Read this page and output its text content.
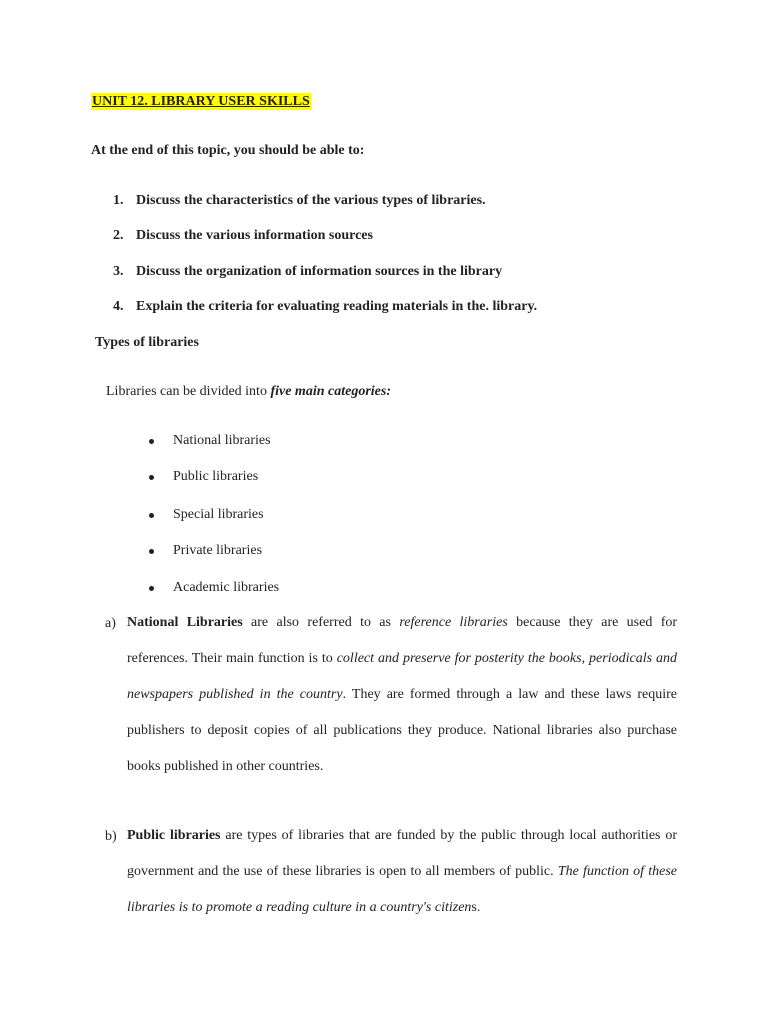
UNIT 12. LIBRARY USER SKILLS
At the end of this topic, you should be able to:
1. Discuss the characteristics of the various types of libraries.
2. Discuss the various information sources
3. Discuss the organization of information sources in the library
4. Explain the criteria for evaluating reading materials in the. library.
Types of libraries
Libraries can be divided into five main categories:
National libraries
Public libraries
Special libraries
Private libraries
Academic libraries
a) National Libraries are also referred to as reference libraries because they are used for references. Their main function is to collect and preserve for posterity the books, periodicals and newspapers published in the country. They are formed through a law and these laws require publishers to deposit copies of all publications they produce. National libraries also purchase books published in other countries.
b) Public libraries are types of libraries that are funded by the public through local authorities or government and the use of these libraries is open to all members of public. The function of these libraries is to promote a reading culture in a country's citizens.
